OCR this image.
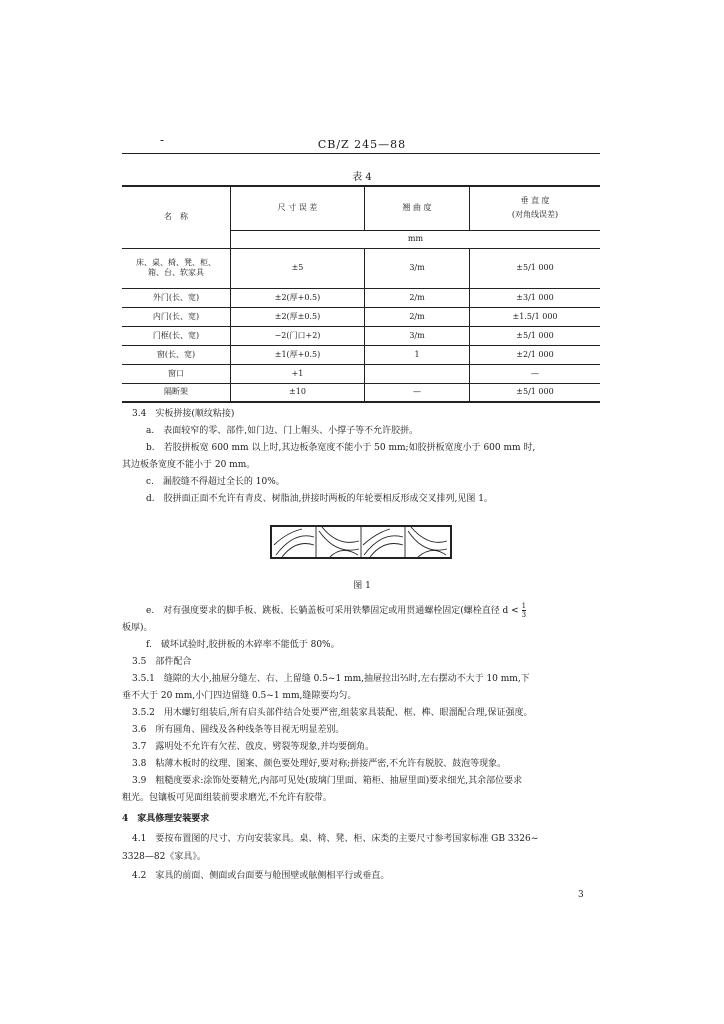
-	CB/Z 245—88
表 4
名　称	尺 寸 误 差	翘 曲 度	垂 直 度
(对角线误差)

	mm		

床、桌、椅、凳、柜、
箱、台、软家具	±5	3/m	±5/1 000
外门(长、宽)	±2(厚+0.5)	2/m	±3/1 000
内门(长、宽)	±2(厚±0.5)	2/m	±1.5/1 000
门框(长、宽)	−2(门口+2)	3/m	±5/1 000
窗(长、宽)	±1(厚+0.5)	1	±2/1 000
窗口	+1		—
隔断架	±10	—	±5/1 000
3.4　实板拼接(顺纹粘接)
a.　表面较窄的零、部件,如门边、门上帽头、小撑子等不允许胶拼。
b.　若胶拼板宽 600 mm 以上时,其边板条宽度不能小于 50 mm;如胶拼板宽度小于 600 mm 时,
其边板条宽度不能小于 20 mm。
c.　漏胶缝不得超过全长的 10%。
d.　胶拼面正面不允许有青皮、树脂油,拼接时两板的年轮要相反形成交叉排列,见图 1。
图 1
e.　对有强度要求的脚手板、跳板、长躺盖板可采用铁攀固定或用贯通螺栓固定(螺栓直径 $d < \frac{1}{3}$
板厚)。
f.　破坏试验时,胶拼板的木碎率不能低于 80%。
3.5　部件配合
3.5.1　缝隙的大小,抽屉分缝左、右、上留缝 0.5~1 mm,抽屉拉出⅔时,左右摆动不大于 10 mm,下
垂不大于 20 mm,小门四边留缝 0.5~1 mm,缝隙要均匀。
3.5.2　用木螺钉组装后,所有启头部件结合处要严密,组装家具装配、框、榫、眼溜配合理,保证强度。
3.6　所有圆角、圆线及各种线条等目视无明显差别。
3.7　露明处不允许有欠茬、戗皮、劈裂等现象,并均要倒角。
3.8　粘薄木板时的纹理、图案、颜色要处理好,要对称;拼接严密,不允许有脱胶、鼓泡等现象。
3.9　粗糙度要求:涂饰处要精光,内部可见处(玻璃门里面、箱柜、抽屉里面)要求细光,其余部位要求
粗光。包镶板可见面组装前要求磨光,不允许有胶带。
4　家具修理安装要求
4.1　要按布置图的尺寸、方向安装家具。桌、椅、凳、柜、床类的主要尺寸参考国家标准 GB 3326~
3328—82《家具》。
4.2　家具的前面、侧面或台面要与舱围壁或舷侧相平行或垂直。
3
